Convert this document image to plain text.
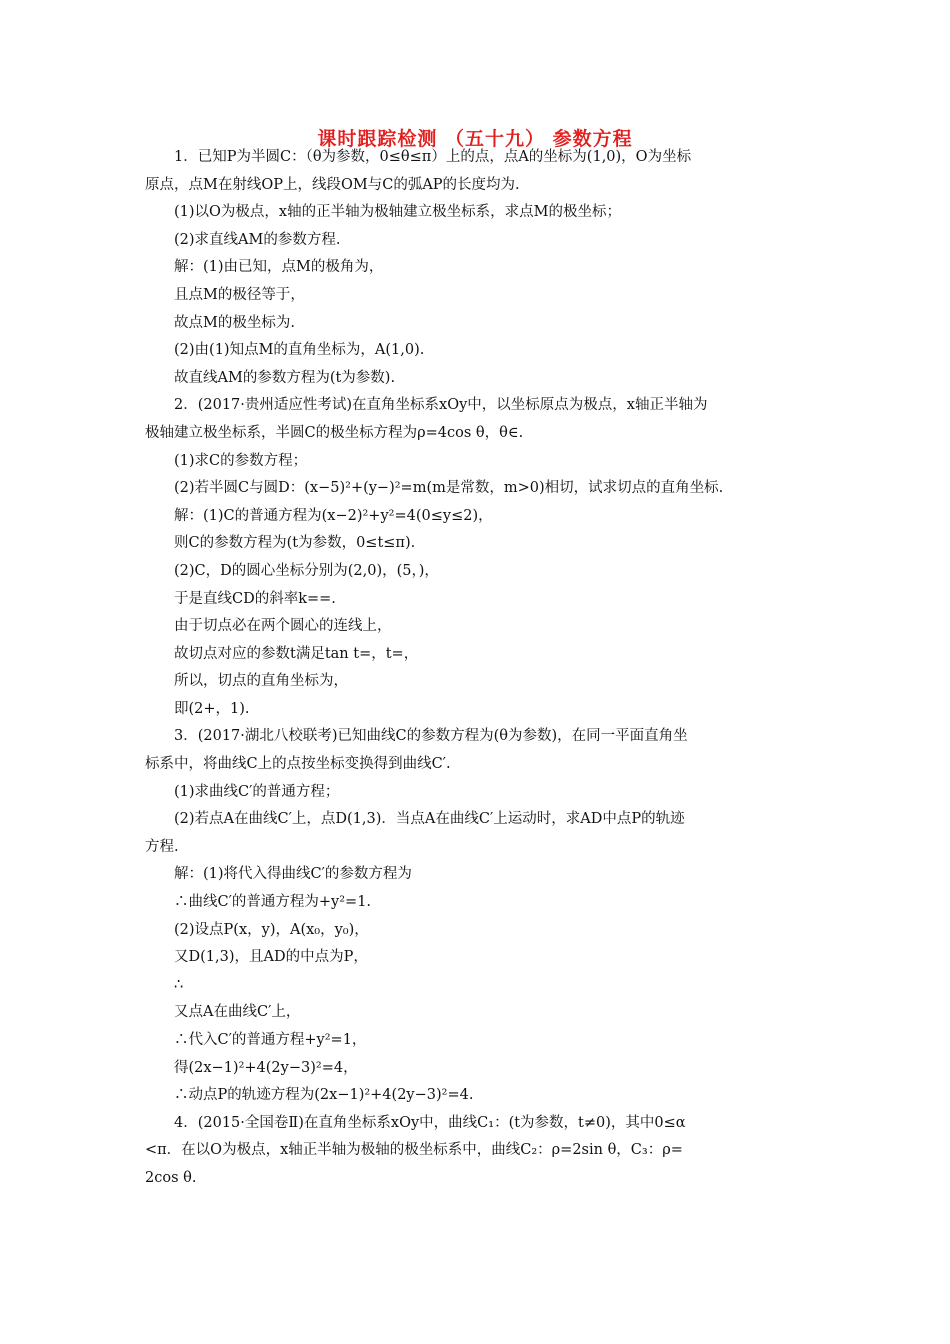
课时跟踪检测 （五十九） 参数方程

1．已知P为半圆C：（θ为参数，0≤θ≤π）上的点，点A的坐标为(1,0)，O为坐标

原点，点M在射线OP上，线段OM与C的弧AP的长度均为.

(1)以O为极点，x轴的正半轴为极轴建立极坐标系，求点M的极坐标；

(2)求直线AM的参数方程.

解：(1)由已知，点M的极角为，

且点M的极径等于，

故点M的极坐标为.

(2)由(1)知点M的直角坐标为，A(1,0).

故直线AM的参数方程为(t为参数).

2．(2017·贵州适应性考试)在直角坐标系xOy中，以坐标原点为极点，x轴正半轴为

极轴建立极坐标系，半圆C的极坐标方程为ρ=4cos θ，θ∈.

(1)求C的参数方程；

(2)若半圆C与圆D：(x−5)²+(y−)²=m(m是常数，m>0)相切，试求切点的直角坐标.

解：(1)C的普通方程为(x−2)²+y²=4(0≤y≤2)，

则C的参数方程为(t为参数，0≤t≤π).

(2)C，D的圆心坐标分别为(2,0)，(5，)，

于是直线CD的斜率k==.

由于切点必在两个圆心的连线上，

故切点对应的参数t满足tan t=，t=，

所以，切点的直角坐标为，

即(2+，1).

3．(2017·湖北八校联考)已知曲线C的参数方程为(θ为参数)，在同一平面直角坐

标系中，将曲线C上的点按坐标变换得到曲线C′.

(1)求曲线C′的普通方程；

(2)若点A在曲线C′上，点D(1,3)．当点A在曲线C′上运动时，求AD中点P的轨迹

方程.

解：(1)将代入得曲线C′的参数方程为

∴曲线C′的普通方程为+y²=1.

(2)设点P(x，y)，A(x₀，y₀)，

又D(1,3)，且AD的中点为P，

∴

又点A在曲线C′上，

∴代入C′的普通方程+y²=1，

得(2x−1)²+4(2y−3)²=4，

∴动点P的轨迹方程为(2x−1)²+4(2y−3)²=4.

4．(2015·全国卷Ⅱ)在直角坐标系xOy中，曲线C₁：(t为参数，t≠0)，其中0≤α

<π．在以O为极点，x轴正半轴为极轴的极坐标系中，曲线C₂：ρ=2sin θ，C₃：ρ=

2cos θ.
